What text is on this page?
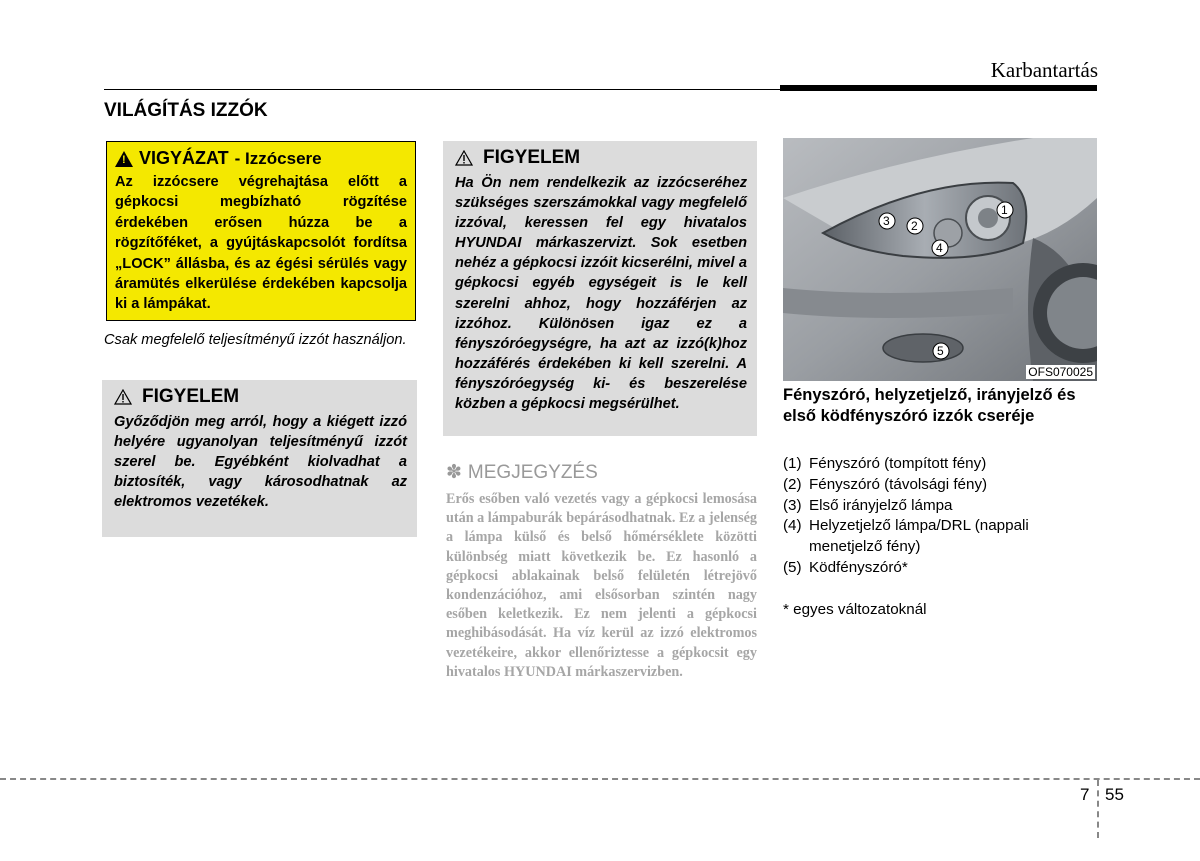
Karbantartás
VILÁGÍTÁS IZZÓK
! VIGYÁZAT - Izzócsere
Az izzócsere végrehajtása előtt a gépkocsi megbízható rögzítése érdekében erősen húzza be a rögzítőféket, a gyújtáskapcsolót fordítsa „LOCK” állásba, és az égési sérülés vagy áramütés elkerülése érdekében kapcsolja ki a lámpákat.
Csak megfelelő teljesítményű izzót használjon.
FIGYELEM
Győződjön meg arról, hogy a kiégett izzó helyére ugyanolyan teljesítményű izzót szerel be. Egyébként kiolvadhat a biztosíték, vagy károsodhatnak az elektromos vezetékek.
FIGYELEM
Ha Ön nem rendelkezik az izzócseréhez szükséges szerszámokkal vagy megfelelő izzóval, keressen fel egy hivatalos HYUNDAI márkaszervizt. Sok esetben nehéz a gépkocsi izzóit kicserélni, mivel a gépkocsi egyéb egységeit is le kell szerelni ahhoz, hogy hozzáférjen az izzóhoz. Különösen igaz ez a fényszóróegységre, ha azt az izzó(k)hoz hozzáférés érdekében ki kell szerelni. A fényszóróegység ki- és beszerelése közben a gépkocsi megsérülhet.
✽ MEGJEGYZÉS
Erős esőben való vezetés vagy a gépkocsi lemosása után a lámpaburák bepárásodhatnak. Ez a jelenség a lámpa külső és belső hőmérséklete közötti különbség miatt következik be. Ez hasonló a gépkocsi ablakainak belső felületén létrejövő kondenzációhoz, ami elsősorban szintén nagy esőben keletkezik. Ez nem jelenti a gépkocsi meghibásodását. Ha víz kerül az izzó elektromos vezetékeire, akkor ellenőriztesse a gépkocsit egy hivatalos HYUNDAI márkaszervizben.
1
2
3
4
5
OFS070025
Fényszóró, helyzetjelző, irányjelző és első ködfényszóró izzók cseréje
(1) Fényszóró (tompított fény)
(2) Fényszóró (távolsági fény)
(3) Első irányjelző lámpa
(4) Helyzetjelző lámpa/DRL (nappali menetjelző fény)
(5) Ködfényszóró*
* egyes változatoknál
7 55
